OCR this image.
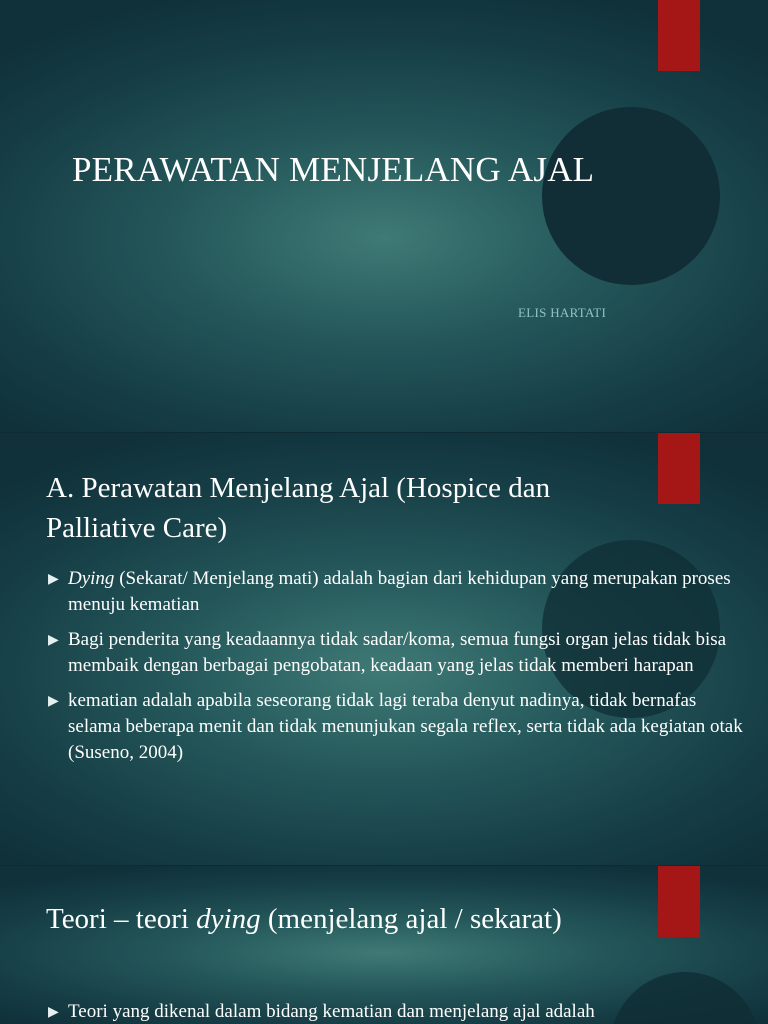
PERAWATAN MENJELANG AJAL
ELIS HARTATI
A. Perawatan Menjelang Ajal (Hospice dan Palliative Care)
▶ Dying (Sekarat/ Menjelang mati) adalah bagian dari kehidupan yang merupakan proses menuju kematian
▶ Bagi penderita yang keadaannya tidak sadar/koma, semua fungsi organ jelas tidak bisa membaik dengan berbagai pengobatan, keadaan yang jelas tidak memberi harapan
▶ kematian adalah apabila seseorang tidak lagi teraba denyut nadinya, tidak bernafas selama beberapa menit dan tidak menunjukan segala reflex, serta tidak ada kegiatan otak (Suseno, 2004)
Teori – teori dying (menjelang ajal / sekarat)
▶ Teori yang dikenal dalam bidang kematian dan menjelang ajal adalah
